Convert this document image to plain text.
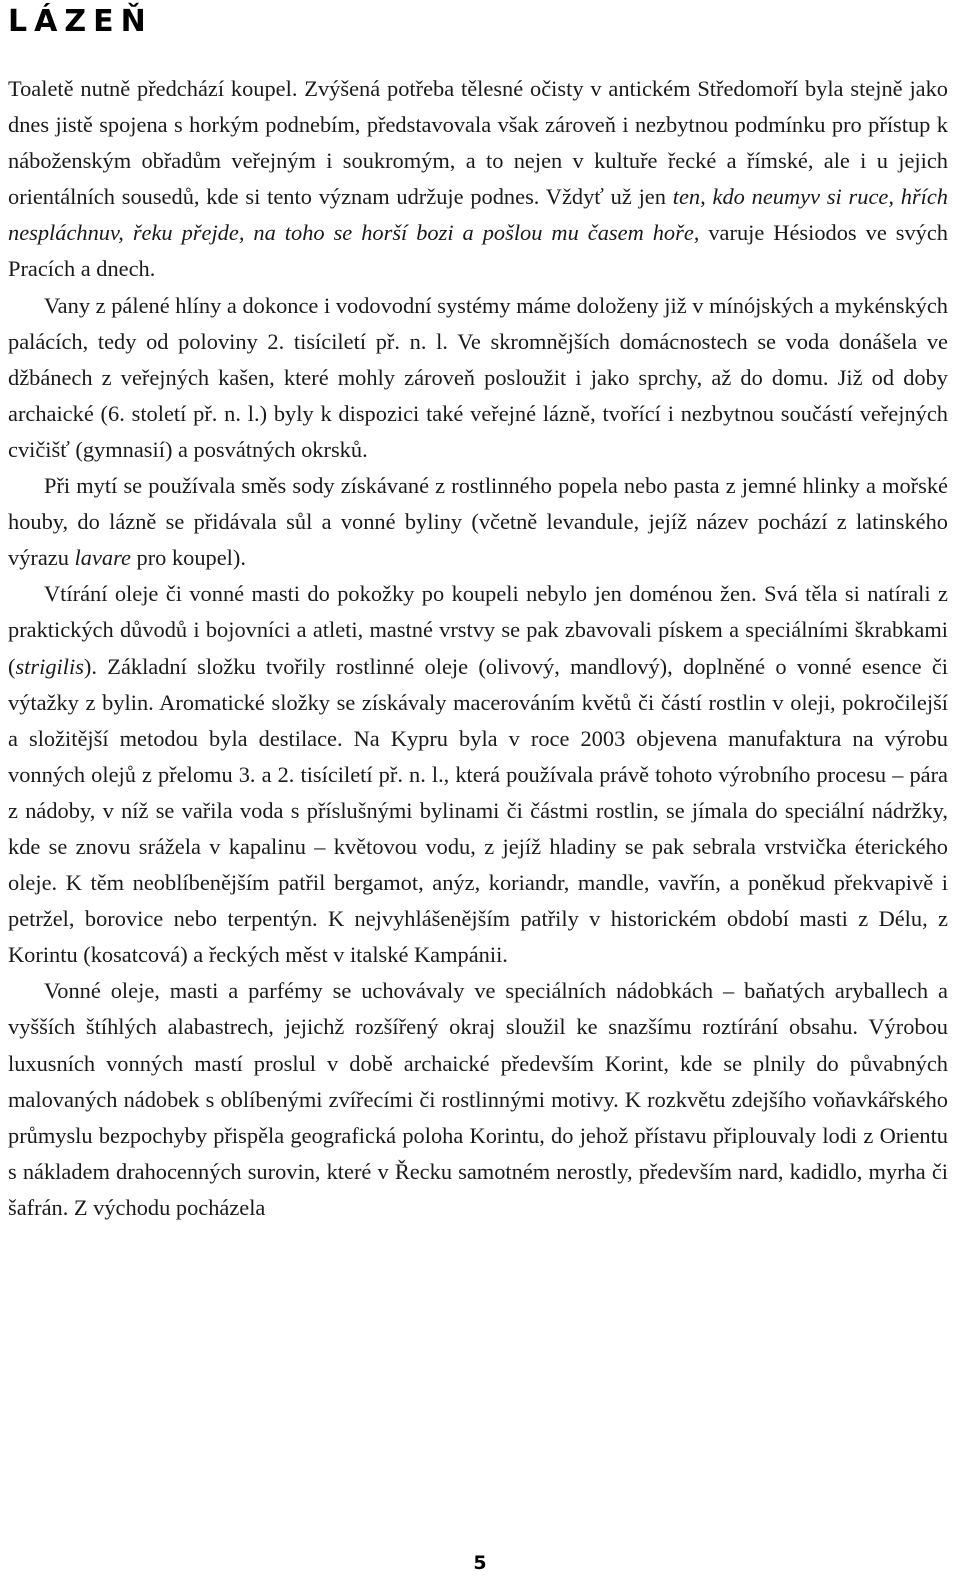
LÁZEŇ

Toaletě nutně předchází koupel. Zvýšená potřeba tělesné očisty v antickém Středomoří byla stejně jako dnes jistě spojena s horkým podnebím, představovala však zároveň i nezbytnou podmínku pro přístup k náboženským obřadům veřejným i soukromým, a to nejen v kultuře řecké a římské, ale i u jejich orientálních sousedů, kde si tento význam udržuje podnes. Vždyť už jen ten, kdo neumyv si ruce, hřích nespláchnuv, řeku přejde, na toho se horší bozi a pošlou mu časem hoře, varuje Hésiodos ve svých Pracích a dnech.

Vany z pálené hlíny a dokonce i vodovodní systémy máme doloženy již v mínójských a mykénských palácích, tedy od poloviny 2. tisíciletí př. n. l. Ve skromnějších domácnostech se voda donášela ve džbánech z veřejných kašen, které mohly zároveň posloužit i jako sprchy, až do domu. Již od doby archaické (6. století př. n. l.) byly k dispozici také veřejné lázně, tvořící i nezbytnou součástí veřejných cvičišť (gymnasií) a posvátných okrsků.

Při mytí se používala směs sody získávané z rostlinného popela nebo pasta z jemné hlinky a mořské houby, do lázně se přidávala sůl a vonné byliny (včetně levandule, jejíž název pochází z latinského výrazu lavare pro koupel).

Vtírání oleje či vonné masti do pokožky po koupeli nebylo jen doménou žen. Svá těla si natírali z praktických důvodů i bojovníci a atleti, mastné vrstvy se pak zbavovali pískem a speciálními škrabkami (strigilis). Základní složku tvořily rostlinné oleje (olivový, mandlový), doplněné o vonné esence či výtažky z bylin. Aromatické složky se získávaly macerováním květů či částí rostlin v oleji, pokročilejší a složitější metodou byla destilace. Na Kypru byla v roce 2003 objevena manufaktura na výrobu vonných olejů z přelomu 3. a 2. tisíciletí př. n. l., která používala právě tohoto výrobního procesu – pára z nádoby, v níž se vařila voda s příslušnými bylinami či částmi rostlin, se jímala do speciální nádržky, kde se znovu srážela v kapalinu – květovou vodu, z jejíž hladiny se pak sebrala vrstvička éterického oleje. K těm neoblíbenějším patřil bergamot, anýz, koriandr, mandle, vavřín, a poněkud překvapivě i petržel, borovice nebo terpentýn. K nejvyhlášenějším patřily v historickém období masti z Délu, z Korintu (kosatcová) a řeckých měst v italské Kampánii.

Vonné oleje, masti a parfémy se uchovávaly ve speciálních nádobkách – baňatých aryballech a vyšších štíhlých alabastrech, jejichž rozšířený okraj sloužil ke snazšímu roztírání obsahu. Výrobou luxusních vonných mastí proslul v době archaické především Korint, kde se plnily do půvabných malovaných nádobek s oblíbenými zvířecími či rostlinnými motivy. K rozkvětu zdejšího voňavkářského průmyslu bezpochyby přispěla geografická poloha Korintu, do jehož přístavu připlouvaly lodi z Orientu s nákladem drahocenných surovin, které v Řecku samotném nerostly, především nard, kadidlo, myrha či šafrán. Z východu pocházela

5
